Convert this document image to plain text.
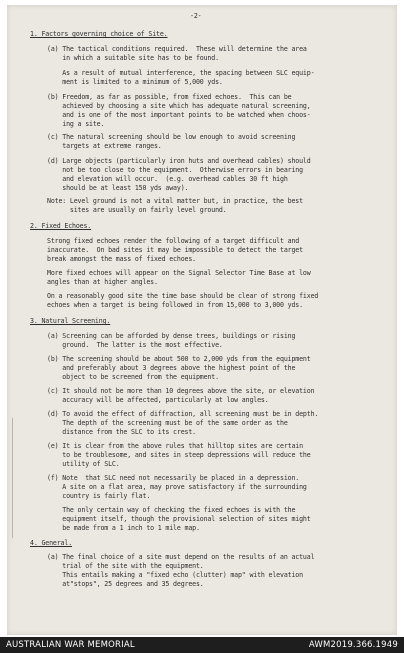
-2-
1. Factors governing choice of Site.
(a) The tactical conditions required.  These will determine the area
in which a suitable site has to be found.
As a result of mutual interference, the spacing between SLC equip-
ment is limited to a minimum of 5,000 yds.
(b) Freedom, as far as possible, from fixed echoes.  This can be
achieved by choosing a site which has adequate natural screening,
and is one of the most important points to be watched when choos-
ing a site.
(c) The natural screening should be low enough to avoid screening
targets at extreme ranges.
(d) Large objects (particularly iron huts and overhead cables) should
not be too close to the equipment.  Otherwise errors in bearing
and elevation will occur.  (e.g. overhead cables 30 ft high
should be at least 150 yds away).
Note: Level ground is not a vital matter but, in practice, the best
sites are usually on fairly level ground.
2. Fixed Echoes.
Strong fixed echoes render the following of a target difficult and
inaccurate.  On bad sites it may be impossible to detect the target
break amongst the mass of fixed echoes.
More fixed echoes will appear on the Signal Selector Time Base at low
angles than at higher angles.
On a reasonably good site the time base should be clear of strong fixed
echoes when a target is being followed in from 15,000 to 3,000 yds.
3. Natural Screening.
(a) Screening can be afforded by dense trees, buildings or rising
ground.  The latter is the most effective.
(b) The screening should be about 500 to 2,000 yds from the equipment
and preferably about 3 degrees above the highest point of the
object to be screened from the equipment.
(c) It should not be more than 10 degrees above the site, or elevation
accuracy will be affected, particularly at low angles.
(d) To avoid the effect of diffraction, all screening must be in depth.
The depth of the screening must be of the same order as the
distance from the SLC to its crest.
(e) It is clear from the above rules that hilltop sites are certain
to be troublesome, and sites in steep depressions will reduce the
utility of SLC.
(f) Note  that SLC need not necessarily be placed in a depression.
A site on a flat area, may prove satisfactory if the surrounding
country is fairly flat.
The only certain way of checking the fixed echoes is with the
equipment itself, though the provisional selection of sites might
be made from a 1 inch to 1 mile map.
4. General.
(a) The final choice of a site must depend on the results of an actual
trial of the site with the equipment.
This entails making a "fixed echo (clutter) map" with elevation
at"stops", 25 degrees and 35 degrees.
AUSTRALIAN WAR MEMORIAL	AWM2019.366.1949
